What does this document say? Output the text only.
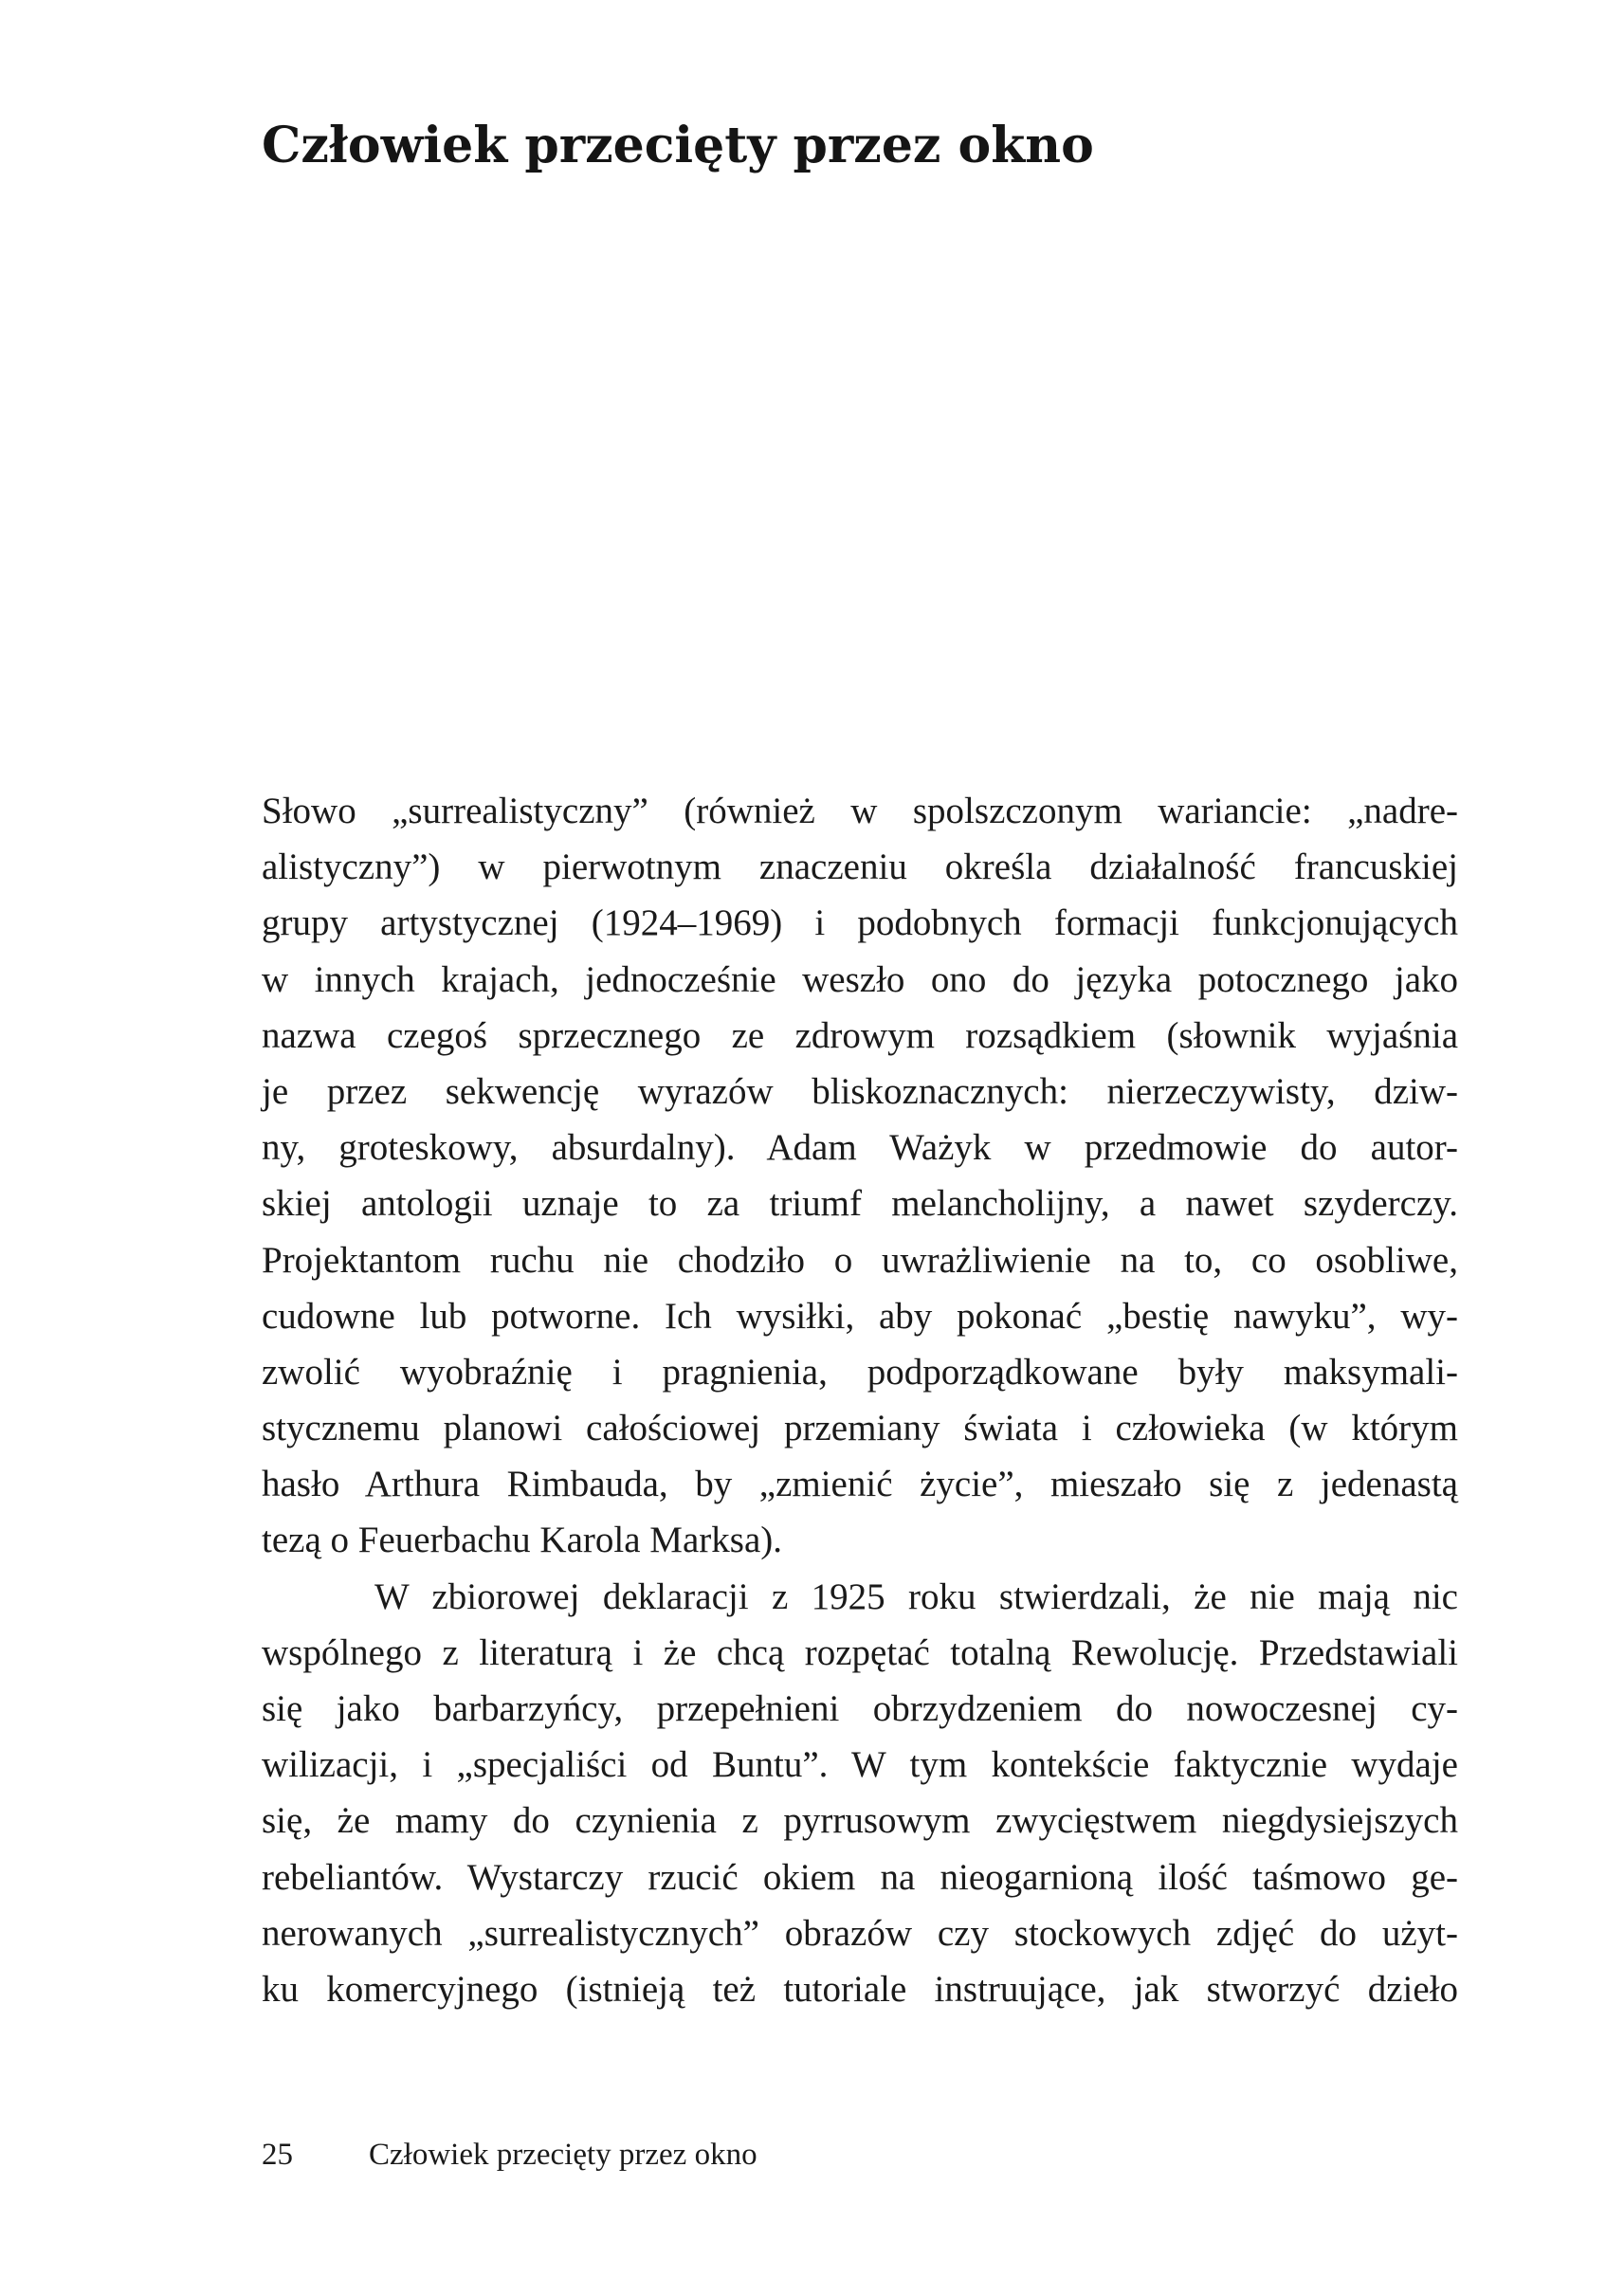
Człowiek przecięty przez okno
Słowo „surrealistyczny” (również w spolszczonym wariancie: „nadre-
alistyczny”) w pierwotnym znaczeniu określa działalność francuskiej
grupy artystycznej (1924–1969) i podobnych formacji funkcjonujących
w innych krajach, jednocześnie weszło ono do języka potocznego jako
nazwa czegoś sprzecznego ze zdrowym rozsądkiem (słownik wyjaśnia
je przez sekwencję wyrazów bliskoznacznych: nierzeczywisty, dziw-
ny, groteskowy, absurdalny). Adam Ważyk w przedmowie do autor-
skiej antologii uznaje to za triumf melancholijny, a nawet szyderczy.
Projektantom ruchu nie chodziło o uwrażliwienie na to, co osobliwe,
cudowne lub potworne. Ich wysiłki, aby pokonać „bestię nawyku”, wy-
zwolić wyobraźnię i pragnienia, podporządkowane były maksymali-
stycznemu planowi całościowej przemiany świata i człowieka (w którym
hasło Arthura Rimbauda, by „zmienić życie”, mieszało się z jedenastą
tezą o Feuerbachu Karola Marksa).
W zbiorowej deklaracji z 1925 roku stwierdzali, że nie mają nic
wspólnego z literaturą i że chcą rozpętać totalną Rewolucję. Przedstawiali
się jako barbarzyńcy, przepełnieni obrzydzeniem do nowoczesnej cy-
wilizacji, i „specjaliści od Buntu”. W tym kontekście faktycznie wydaje
się, że mamy do czynienia z pyrrusowym zwycięstwem niegdysiejszych
rebeliantów. Wystarczy rzucić okiem na nieogarnioną ilość taśmowo ge-
nerowanych „surrealistycznych” obrazów czy stockowych zdjęć do użyt-
ku komercyjnego (istnieją też tutoriale instruujące, jak stworzyć dzieło
25 Człowiek przecięty przez okno
